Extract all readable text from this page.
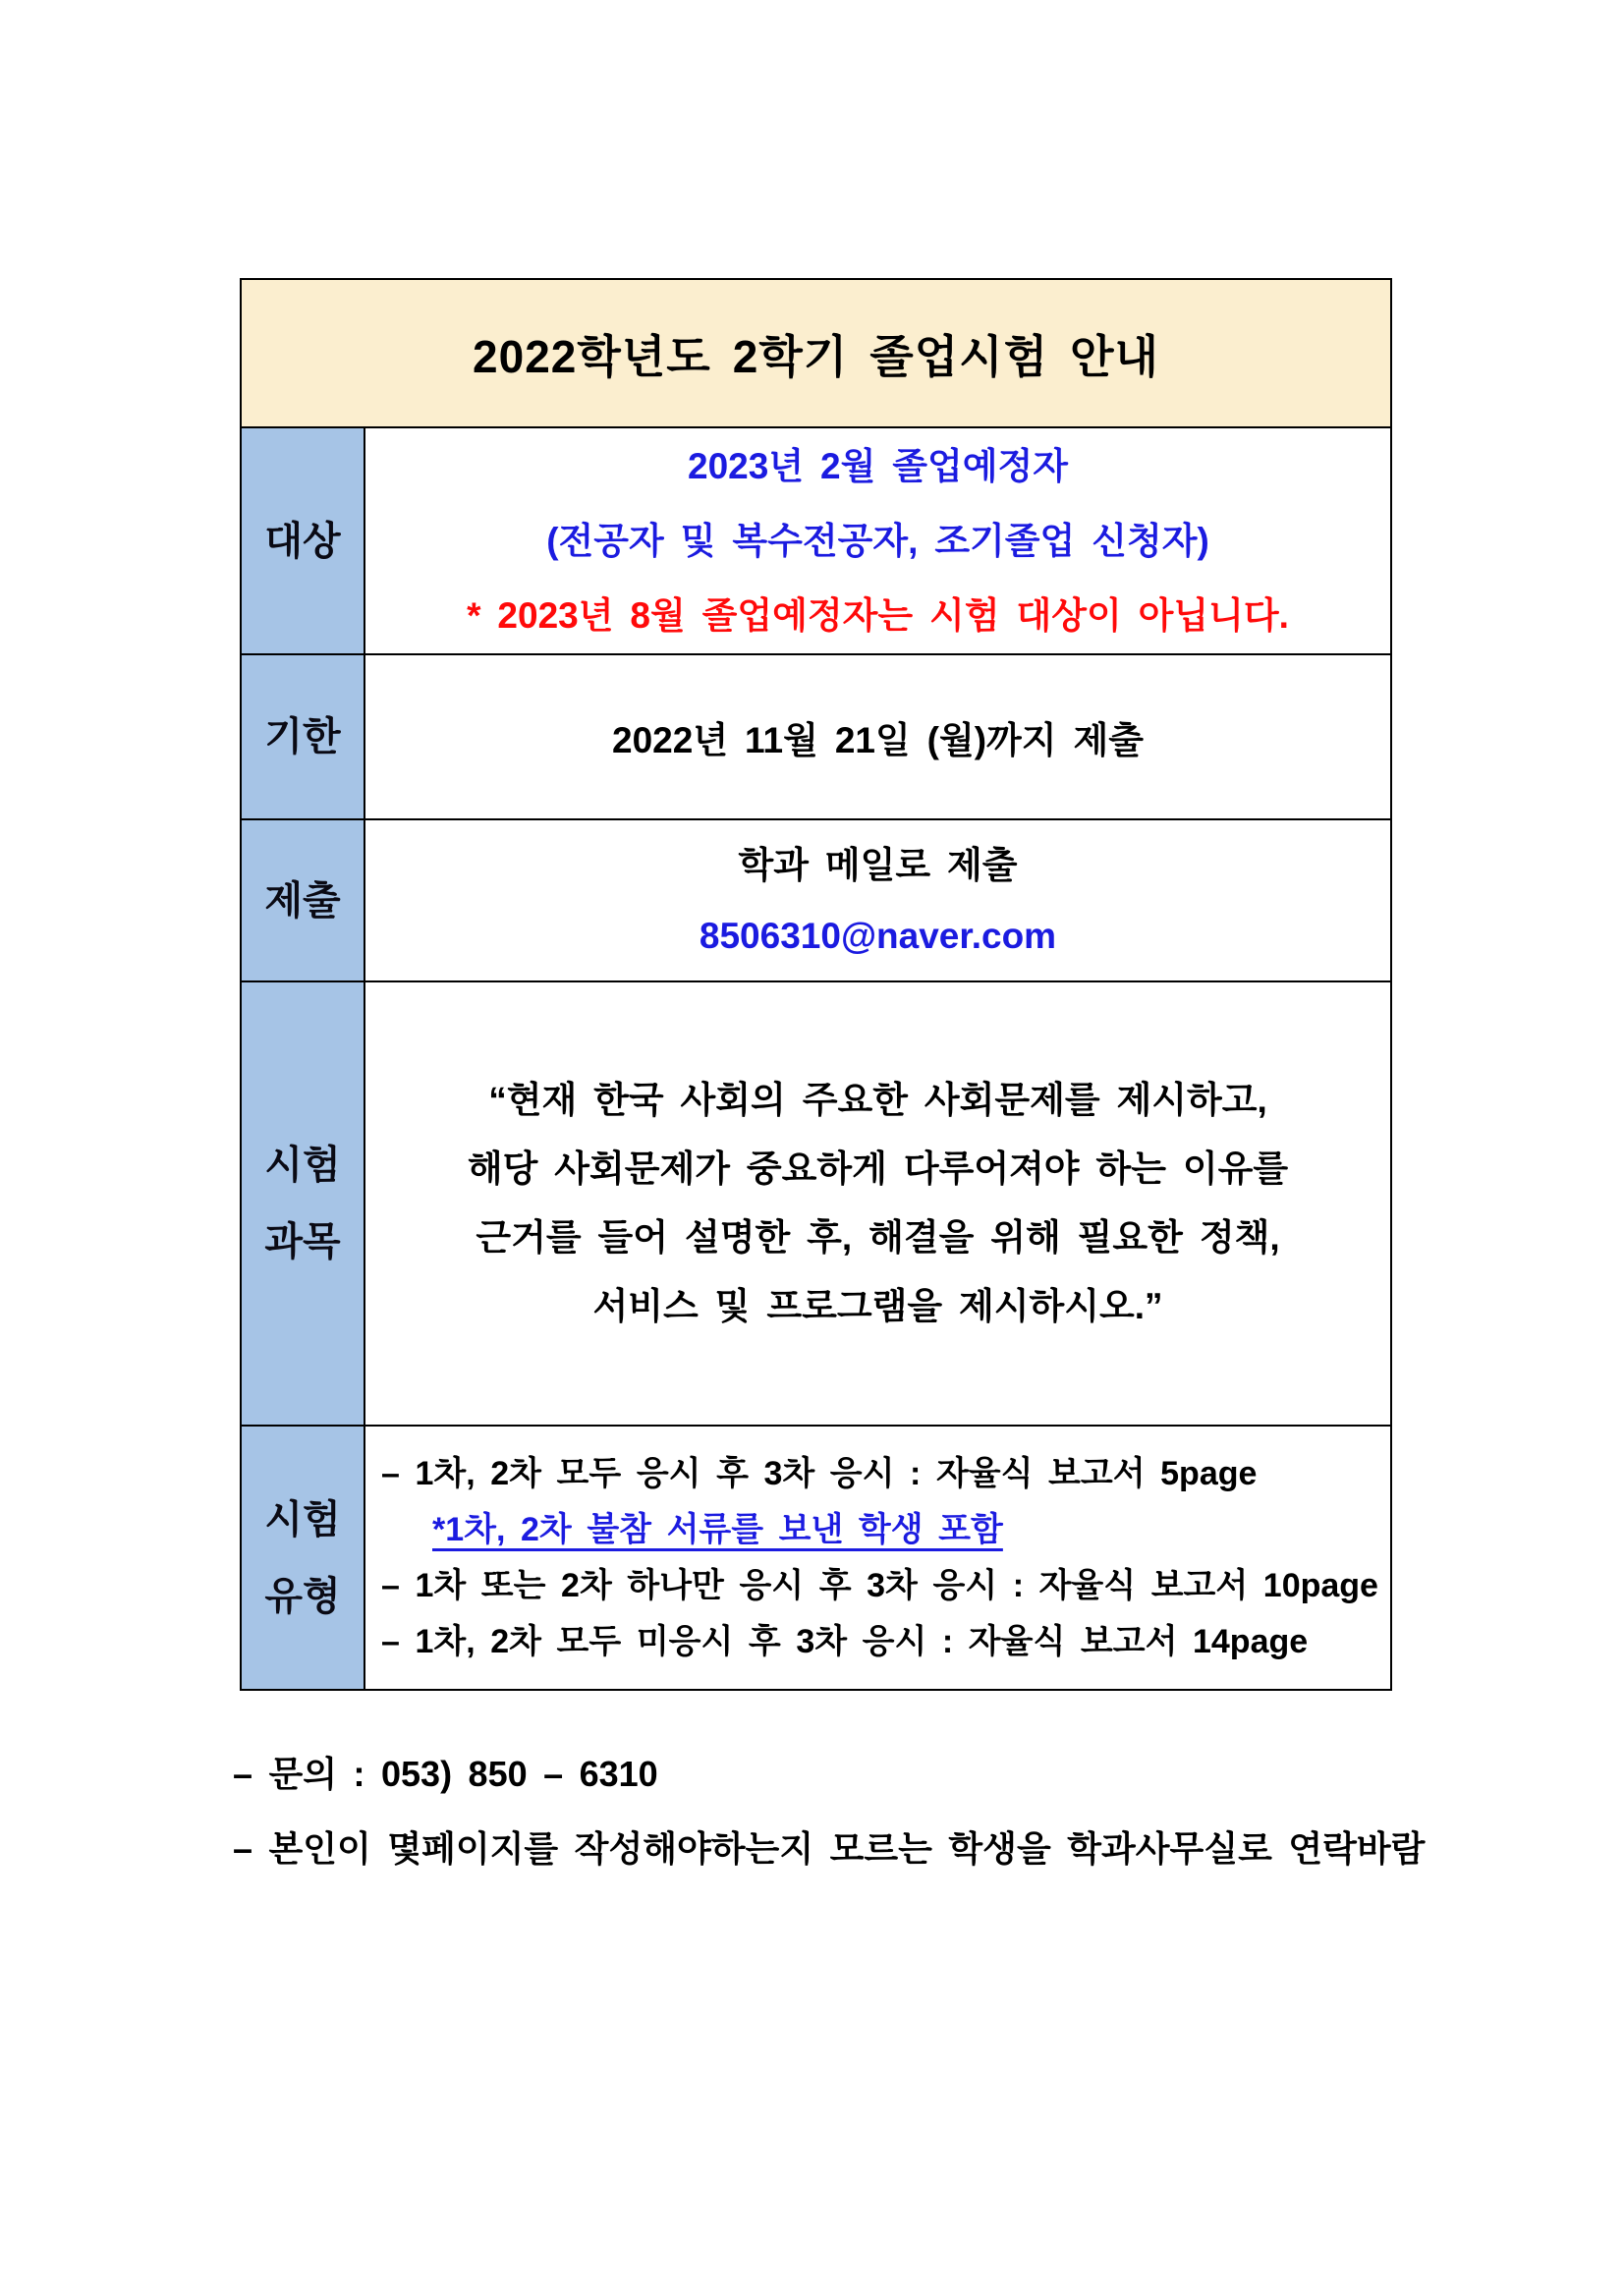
2022학년도 2학기 졸업시험 안내	
대상	2023년 2월 졸업예정자
(전공자 및 복수전공자, 조기졸업 신청자)
* 2023년 8월 졸업예정자는 시험 대상이 아닙니다.

기한	2022년 11월 21일 (월)까지 제출
제출	학과 메일로 제출
8506310@naver.com

시험
과목	“현재 한국 사회의 주요한 사회문제를 제시하고,
해당 사회문제가 중요하게 다루어져야 하는 이유를
근거를 들어 설명한 후, 해결을 위해 필요한 정책,
서비스 및 프로그램을 제시하시오.”

시험
유형	– 1차, 2차 모두 응시 후 3차 응시 : 자율식 보고서 5page
*1차, 2차 불참 서류를 보낸 학생 포함
– 1차 또는 2차 하나만 응시 후 3차 응시 : 자율식 보고서 10page
– 1차, 2차 모두 미응시 후 3차 응시 : 자율식 보고서 14page
– 문의 : 053) 850 – 6310
– 본인이 몇페이지를 작성해야하는지 모르는 학생을 학과사무실로 연락바람
